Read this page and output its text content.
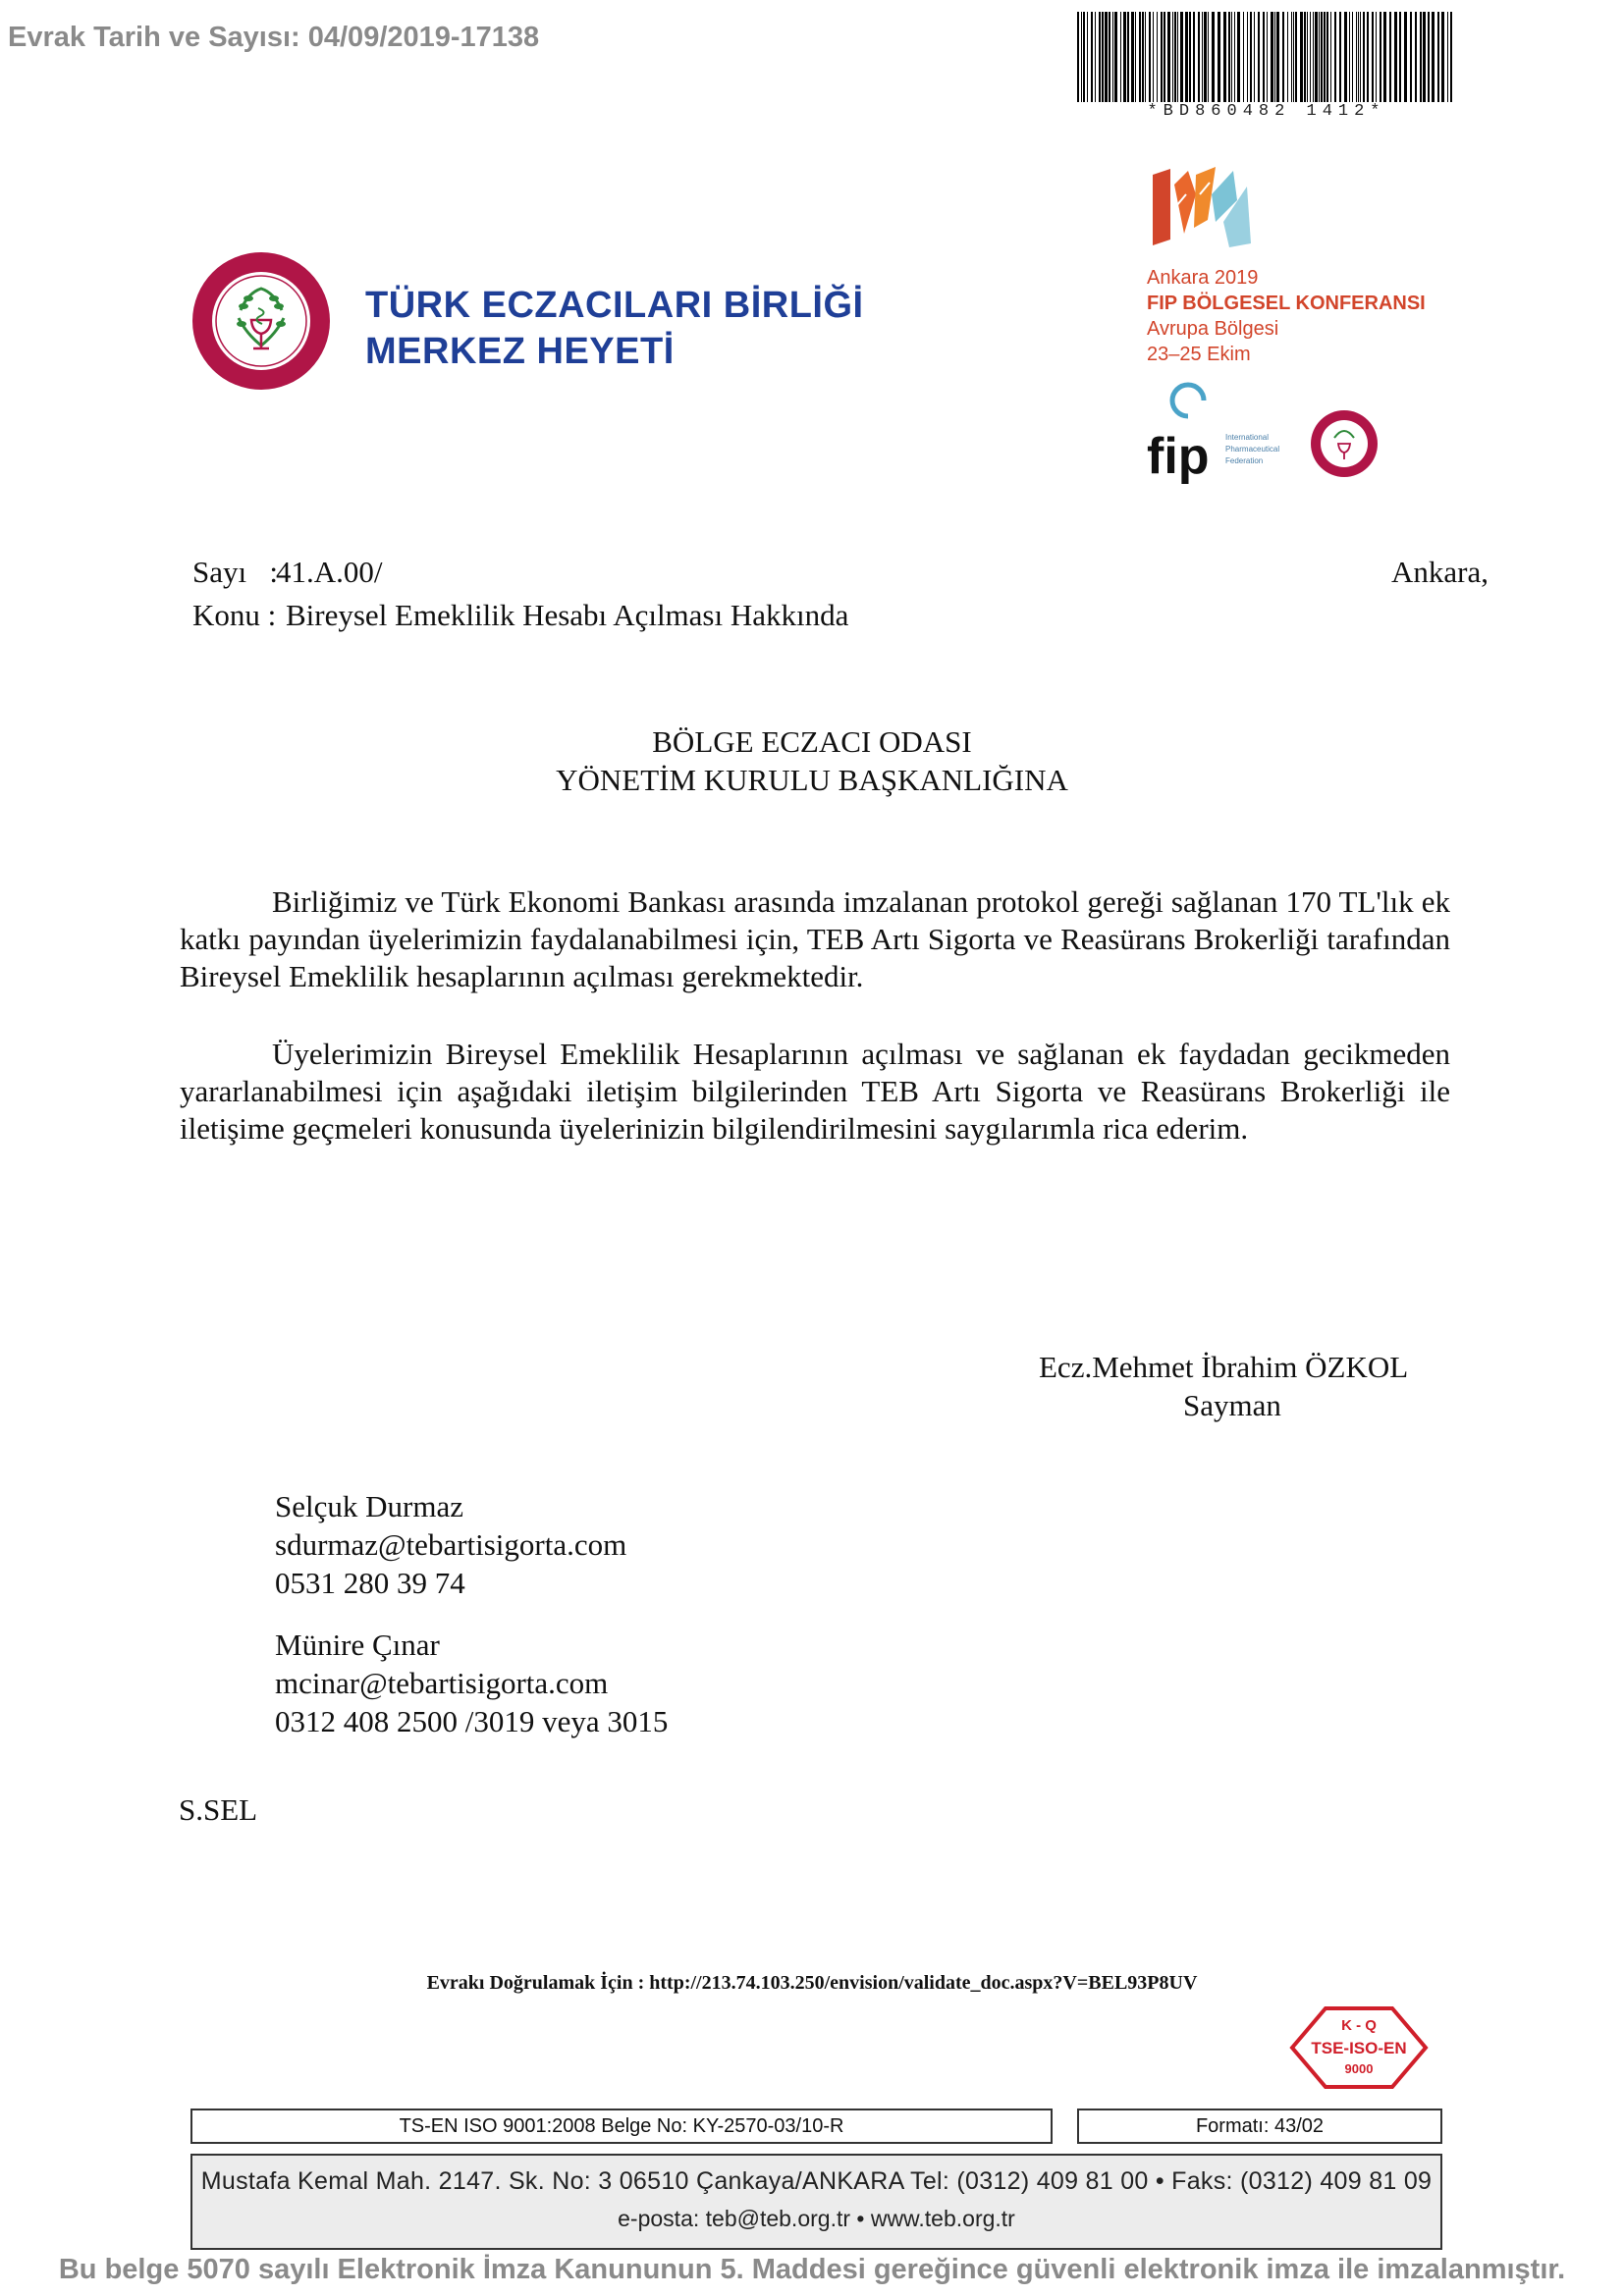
Evrak Tarih ve Sayısı: 04/09/2019-17138
*BD860482 1412*
TÜRK ECZACILARI BİRLİĞİ
MERKEZ HEYETİ
Ankara 2019
FIP BÖLGESEL KONFERANSI
Avrupa Bölgesi
23–25 Ekim
fip International
Pharmaceutical
Federation
Sayı   :
41.A.00/	Ankara,
Konu : Bireysel Emeklilik Hesabı Açılması Hakkında
BÖLGE ECZACI ODASI
YÖNETİM KURULU BAŞKANLIĞINA
Birliğimiz ve Türk Ekonomi Bankası arasında imzalanan protokol gereği sağlanan 170 TL'lık ek katkı payından üyelerimizin faydalanabilmesi için, TEB Artı Sigorta ve Reasürans Brokerliği tarafından Bireysel Emeklilik hesaplarının açılması gerekmektedir.
Üyelerimizin Bireysel Emeklilik Hesaplarının açılması ve sağlanan ek faydadan gecikmeden yararlanabilmesi için aşağıdaki iletişim bilgilerinden TEB Artı Sigorta ve Reasürans Brokerliği ile iletişime geçmeleri konusunda üyelerinizin bilgilendirilmesini saygılarımla rica ederim.
Ecz.Mehmet İbrahim ÖZKOL
Sayman
Selçuk Durmaz
sdurmaz@tebartisigorta.com
0531 280 39 74
Münire Çınar
mcinar@tebartisigorta.com
0312 408 2500 /3019 veya 3015
S.SEL
Evrakı Doğrulamak İçin : http://213.74.103.250/envision/validate_doc.aspx?V=BEL93P8UV
K - Q
TSE-ISO-EN
9000
TS-EN ISO 9001:2008 Belge No: KY-2570-03/10-R	Formatı: 43/02
Mustafa Kemal Mah. 2147. Sk. No: 3 06510 Çankaya/ANKARA Tel: (0312) 409 81 00 • Faks: (0312) 409 81 09
e-posta: teb@teb.org.tr • www.teb.org.tr
Bu belge 5070 sayılı Elektronik İmza Kanununun 5. Maddesi gereğince güvenli elektronik imza ile imzalanmıştır.
